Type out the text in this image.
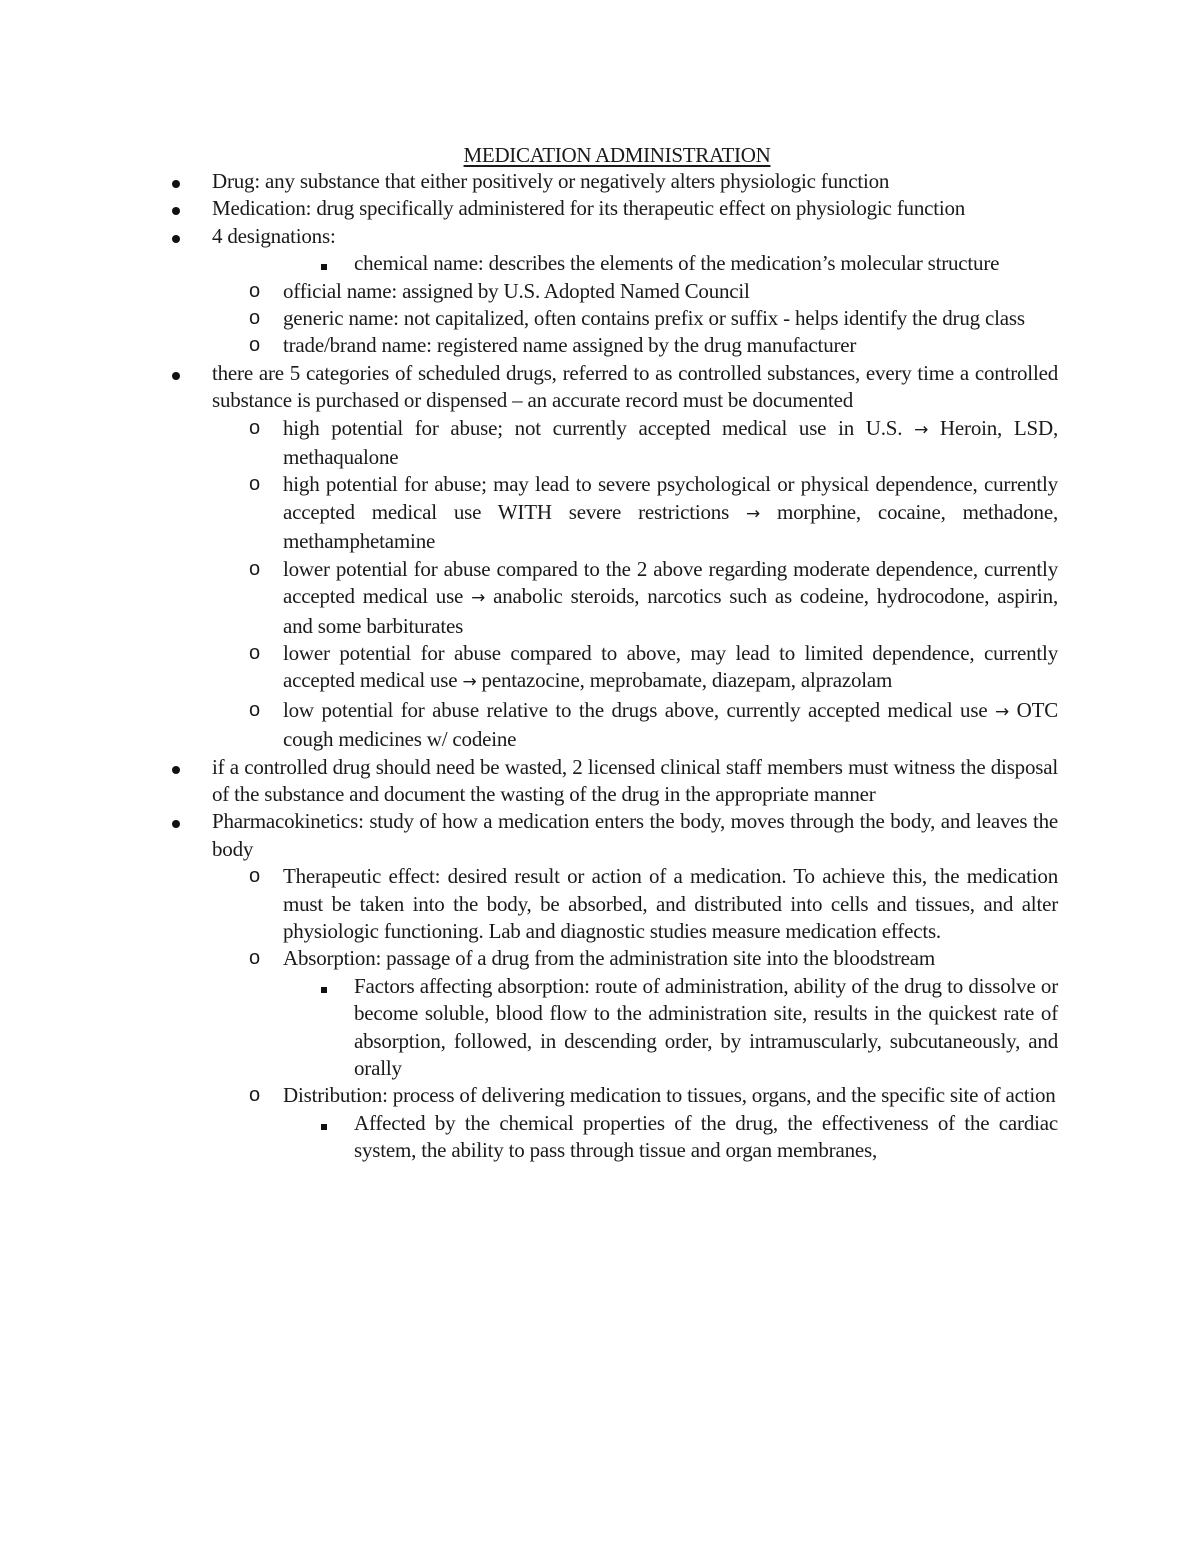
MEDICATION ADMINISTRATION
Drug: any substance that either positively or negatively alters physiologic function
Medication: drug specifically administered for its therapeutic effect on physiologic function
4 designations:
chemical name: describes the elements of the medication’s molecular structure
o official name: assigned by U.S. Adopted Named Council
o generic name: not capitalized, often contains prefix or suffix - helps identify the drug class
o trade/brand name: registered name assigned by the drug manufacturer
there are 5 categories of scheduled drugs, referred to as controlled substances, every time a controlled substance is purchased or dispensed – an accurate record must be documented
o high potential for abuse; not currently accepted medical use in U.S. → Heroin, LSD, methaqualone
o high potential for abuse; may lead to severe psychological or physical dependence, currently accepted medical use WITH severe restrictions → morphine, cocaine, methadone, methamphetamine
o lower potential for abuse compared to the 2 above regarding moderate dependence, currently accepted medical use → anabolic steroids, narcotics such as codeine, hydrocodone, aspirin, and some barbiturates
o lower potential for abuse compared to above, may lead to limited dependence, currently accepted medical use → pentazocine, meprobamate, diazepam, alprazolam
o low potential for abuse relative to the drugs above, currently accepted medical use → OTC cough medicines w/ codeine
if a controlled drug should need be wasted, 2 licensed clinical staff members must witness the disposal of the substance and document the wasting of the drug in the appropriate manner
Pharmacokinetics: study of how a medication enters the body, moves through the body, and leaves the body
o Therapeutic effect: desired result or action of a medication. To achieve this, the medication must be taken into the body, be absorbed, and distributed into cells and tissues, and alter physiologic functioning. Lab and diagnostic studies measure medication effects.
o Absorption: passage of a drug from the administration site into the bloodstream
Factors affecting absorption: route of administration, ability of the drug to dissolve or become soluble, blood flow to the administration site, results in the quickest rate of absorption, followed, in descending order, by intramuscularly, subcutaneously, and orally
o Distribution: process of delivering medication to tissues, organs, and the specific site of action
Affected by the chemical properties of the drug, the effectiveness of the cardiac system, the ability to pass through tissue and organ membranes,
